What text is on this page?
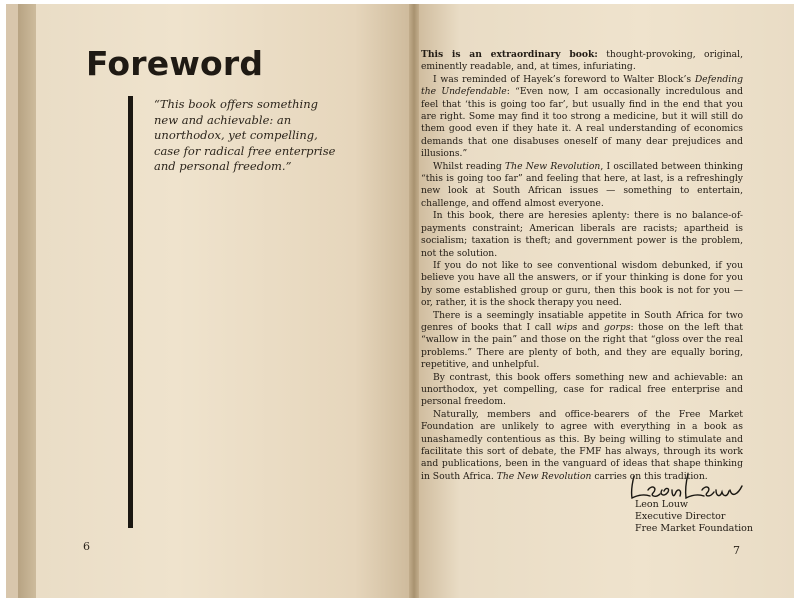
Foreword

“This book offers something

new and achievable: an

unorthodox, yet compelling,

case for radical free enterprise

and personal freedom.”

6

This is an extraordinary book: thought-provoking, original, eminently readable, and, at times, infuriating.

I was reminded of Hayek’s foreword to Walter Block’s Defending the Undefendable: “Even now, I am occasionally incredulous and feel that ‘this is going too far’, but usually find in the end that you are right. Some may find it too strong a medicine, but it will still do them good even if they hate it. A real understanding of economics demands that one disabuses oneself of many dear prejudices and illusions.”

Whilst reading The New Revolution, I oscillated between thinking “this is going too far” and feeling that here, at last, is a refreshingly new look at South African issues — something to entertain, challenge, and offend almost everyone.

In this book, there are heresies aplenty: there is no balance-of-payments constraint; American liberals are racists; apartheid is socialism; taxation is theft; and government power is the problem, not the solution.

If you do not like to see conventional wisdom debunked, if you believe you have all the answers, or if your thinking is done for you by some established group or guru, then this book is not for you — or, rather, it is the shock therapy you need.

There is a seemingly insatiable appetite in South Africa for two genres of books that I call wips and gorps: those on the left that “wallow in the pain” and those on the right that “gloss over the real problems.” There are plenty of both, and they are equally boring, repetitive, and unhelpful.

By contrast, this book offers something new and achievable: an unorthodox, yet compelling, case for radical free enterprise and personal freedom.

Naturally, members and office-bearers of the Free Market Foundation are unlikely to agree with everything in a book as unashamedly contentious as this. By being willing to stimulate and facilitate this sort of debate, the FMF has always, through its work and publications, been in the vanguard of ideas that shape thinking in South Africa. The New Revolution carries on this tradition.

Leon Louw
Executive Director
Free Market Foundation
7
